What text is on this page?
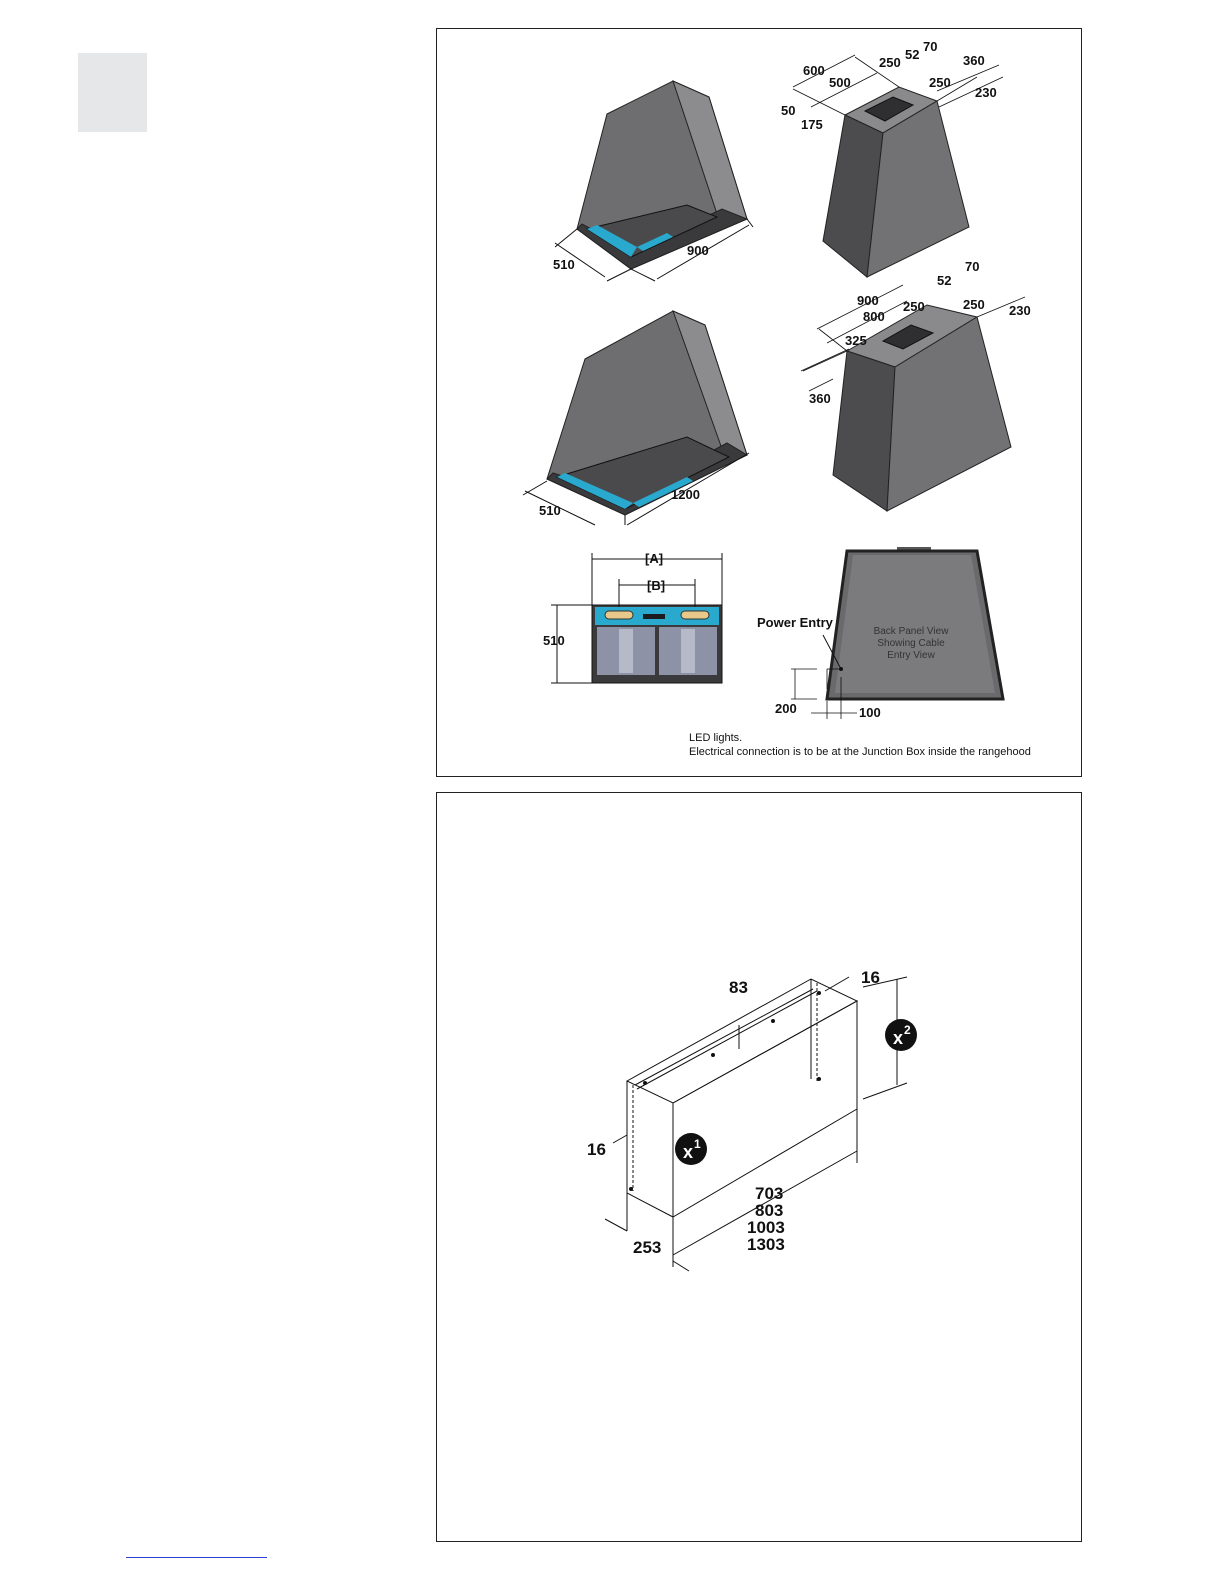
510
900
600
500
50
175
250
52
70
360
250
230
510
1200
900
800
325
360
250
52
70
250 230
[A]
[B]
510
Power Entry
Back Panel View
Showing Cable
Entry View
200	100
LED lights.
Electrical connection is to be at the Junction Box inside the rangehood
x 1
x 2
83
16
16
253
703
803
1003
1303
